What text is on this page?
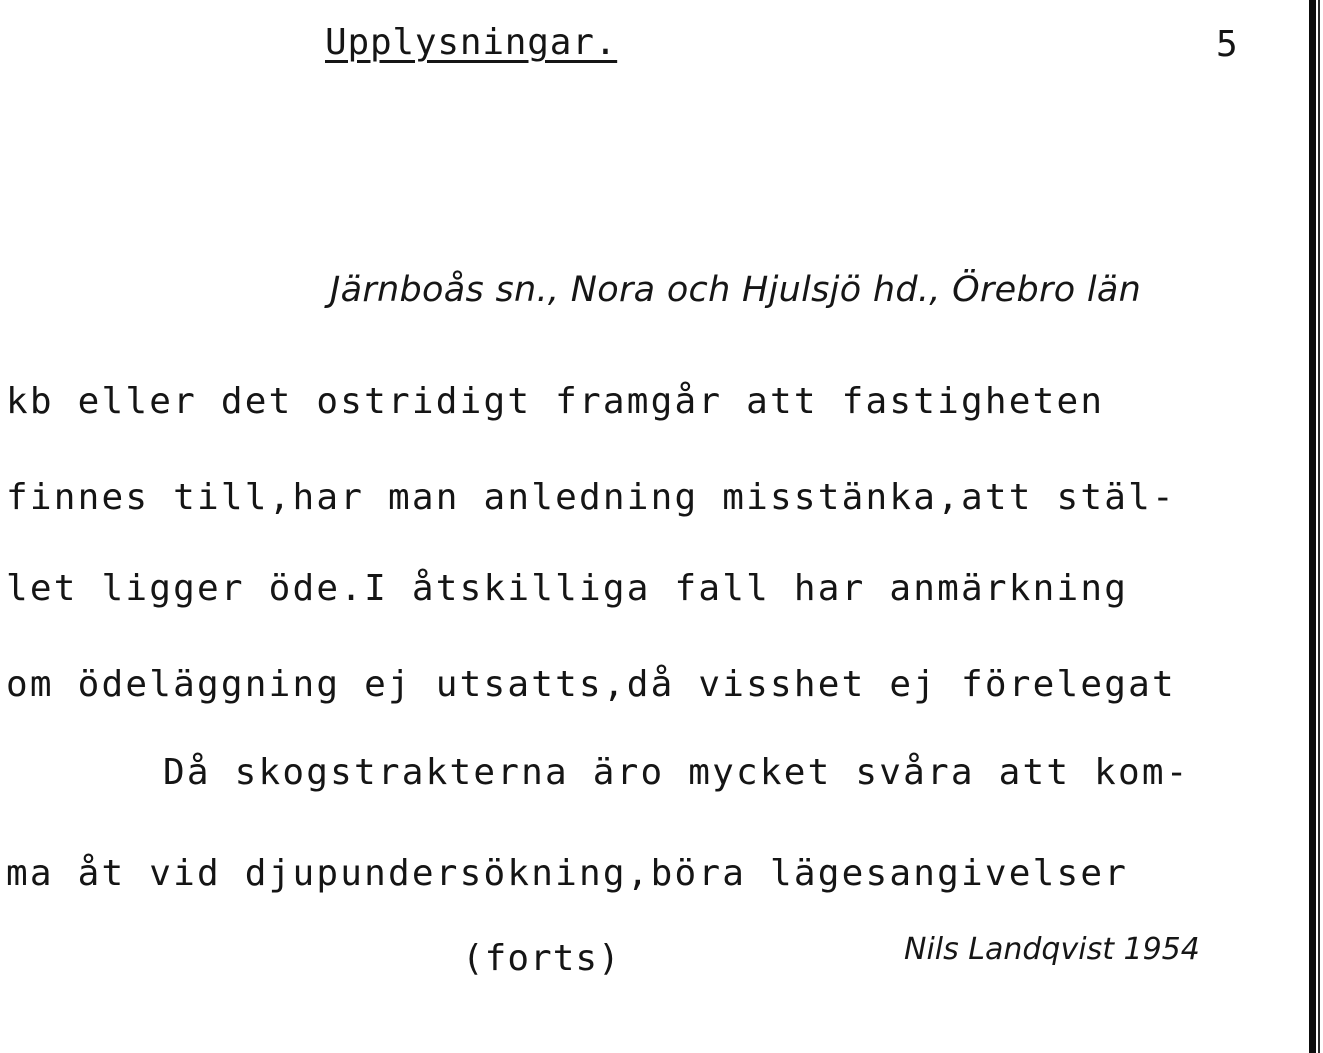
Upplysningar.	5
Järnboås sn., Nora och Hjulsjö hd., Örebro län
kb eller det ostridigt framgår att fastigheten
finnes till,har man anledning misstänka,att stäl-
let ligger öde.I åtskilliga fall har anmärkning
om ödeläggning ej utsatts,då visshet ej förelegat
Då skogstrakterna äro mycket svåra att kom-
ma åt vid djupundersökning,böra lägesangivelser
(forts)	Nils Landqvist 1954
